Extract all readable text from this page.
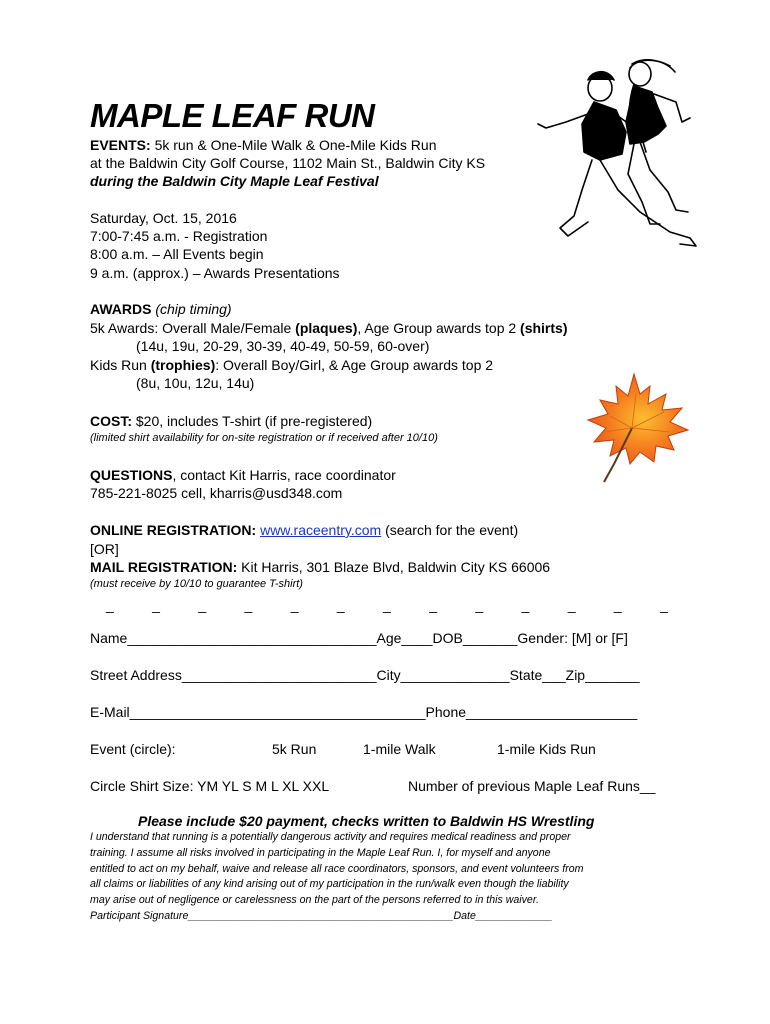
MAPLE LEAF RUN
EVENTS: 5k run & One-Mile Walk & One-Mile Kids Run
at the Baldwin City Golf Course, 1102 Main St., Baldwin City KS
during the Baldwin City Maple Leaf Festival
Saturday, Oct. 15, 2016
7:00-7:45 a.m. - Registration
8:00 a.m. – All Events begin
9 a.m. (approx.) – Awards Presentations
AWARDS (chip timing)
5k Awards: Overall Male/Female (plaques), Age Group awards top 2 (shirts)
(14u, 19u, 20-29, 30-39, 40-49, 50-59, 60-over)
Kids Run (trophies): Overall Boy/Girl, & Age Group awards top 2
(8u, 10u, 12u, 14u)
COST: $20, includes T-shirt (if pre-registered)
(limited shirt availability for on-site registration or if received after 10/10)
QUESTIONS, contact Kit Harris, race coordinator
785-221-8025 cell, kharris@usd348.com
ONLINE REGISTRATION: www.raceentry.com (search for the event)
[OR]
MAIL REGISTRATION: Kit Harris, 301 Blaze Blvd, Baldwin City KS 66006
(must receive by 10/10 to guarantee T-shirt)
_	_	_	_	_	_	_	_	_	_	_	_	_
Name________________________________Age____DOB_______Gender: [M] or [F]
Street Address_________________________City______________State___Zip_______
E-Mail______________________________________Phone______________________
Event (circle):	5k Run	1-mile Walk	1-mile Kids Run
Circle Shirt Size: YM YL S M L XL XXL	Number of previous Maple Leaf Runs__
Please include $20 payment, checks written to Baldwin HS Wrestling

I understand that running is a potentially dangerous activity and requires medical readiness and proper

training. I assume all risks involved in participating in the Maple Leaf Run. I, for myself and anyone

entitled to act on my behalf, waive and release all race coordinators, sponsors, and event volunteers from

all claims or liabilities of any kind arising out of my participation in the run/walk even though the liability

may arise out of negligence or carelessness on the part of the persons referred to in this waiver.

Participant Signature_____________________________________________Date_____________
